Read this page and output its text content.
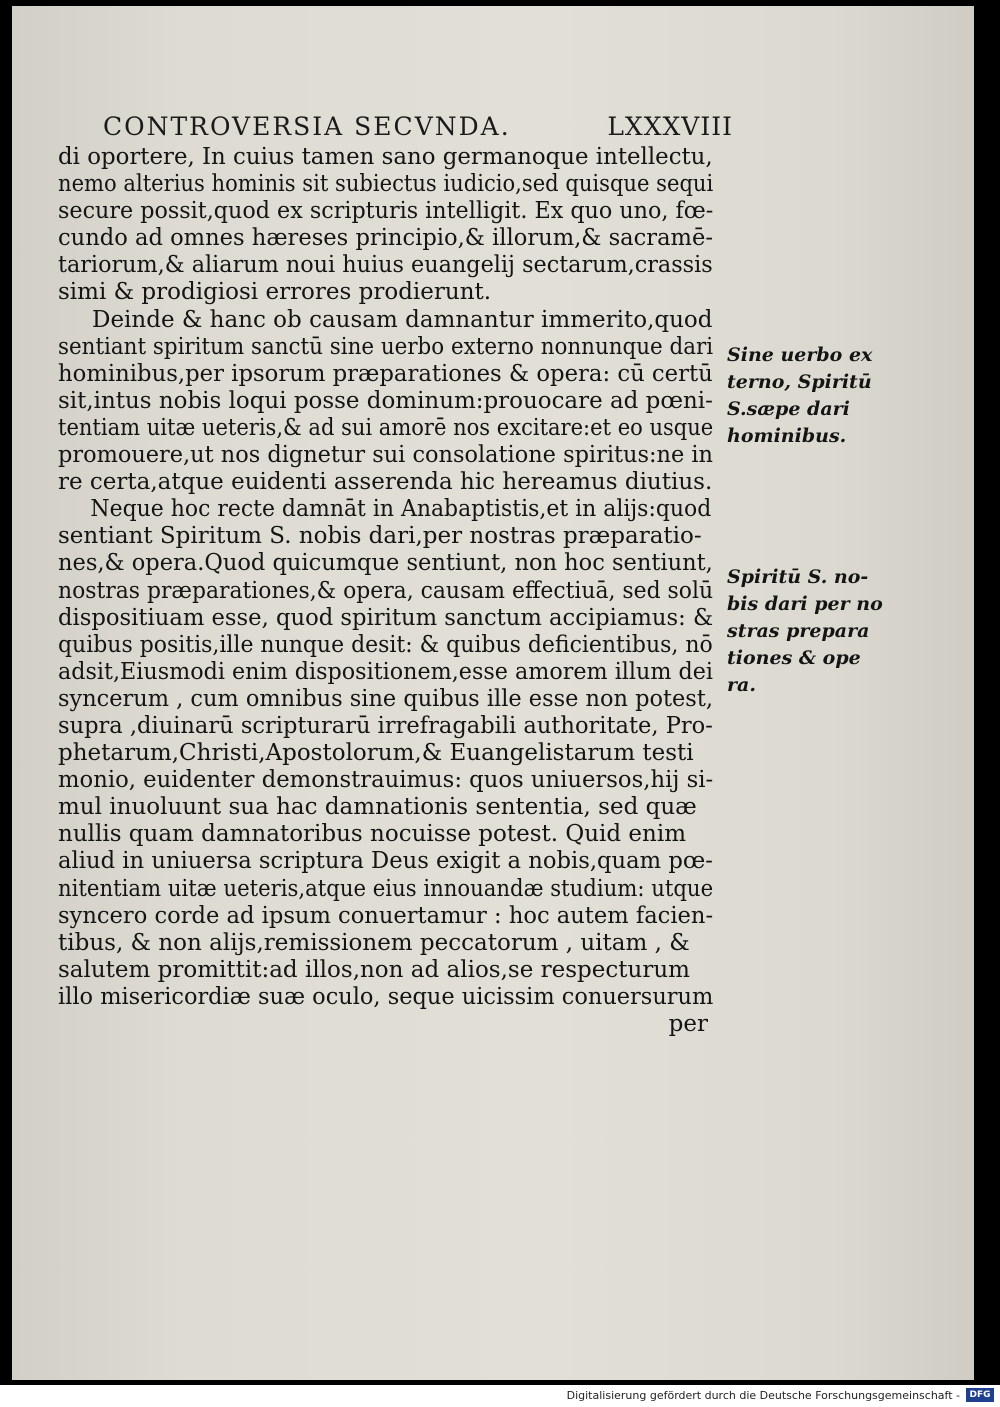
CONTROVERSIA SECVNDA.	LXXXVIII
di oportere, In cuius tamen sano germanoque intellectu,
nemo alterius hominis sit subiectus iudicio,sed quisque sequi
secure possit,quod ex scripturis intelligit. Ex quo uno, fœ-
cundo ad omnes hæreses principio,& illorum,& sacramē-
tariorum,& aliarum noui huius euangelij sectarum,crassis
simi & prodigiosi errores prodierunt.
Deinde & hanc ob causam damnantur immerito,quod
sentiant spiritum sanctū sine uerbo externo nonnunque dari
hominibus,per ipsorum præparationes & opera: cū certū
sit,intus nobis loqui posse dominum:prouocare ad pœni-
tentiam uitæ ueteris,& ad sui amorē nos excitare:et eo usque
promouere,ut nos dignetur sui consolatione spiritus:ne in
re certa,atque euidenti asserenda hic hereamus diutius.
Neque hoc recte damnāt in Anabaptistis,et in alijs:quod
sentiant Spiritum S. nobis dari,per nostras præparatio-
nes,& opera.Quod quicumque sentiunt, non hoc sentiunt,
nostras præparationes,& opera, causam effectiuā, sed solū
dispositiuam esse, quod spiritum sanctum accipiamus: &
quibus positis,ille nunque desit: & quibus deficientibus, nō
adsit,Eiusmodi enim dispositionem,esse amorem illum dei
syncerum , cum omnibus sine quibus ille esse non potest,
supra ,diuinarū scripturarū irrefragabili authoritate, Pro-
phetarum,Christi,Apostolorum,& Euangelistarum testi
monio, euidenter demonstrauimus: quos uniuersos,hij si-
mul inuoluunt sua hac damnationis sententia, sed quæ
nullis quam damnatoribus nocuisse potest. Quid enim
aliud in uniuersa scriptura Deus exigit a nobis,quam pœ-
nitentiam uitæ ueteris,atque eius innouandæ studium: utque
syncero corde ad ipsum conuertamur : hoc autem facien-
tibus, & non alijs,remissionem peccatorum , uitam , &
salutem promittit:ad illos,non ad alios,se respecturum
illo misericordiæ suæ oculo, seque uicissim conuersurum
per
Sine uerbo ex
terno, Spiritū
S.sæpe dari
hominibus.
Spiritū S. no-
bis dari per no
stras prepara
tiones & ope
ra.
Digitalisierung gefördert durch die Deutsche Forschungsgemeinschaft -	DFG
